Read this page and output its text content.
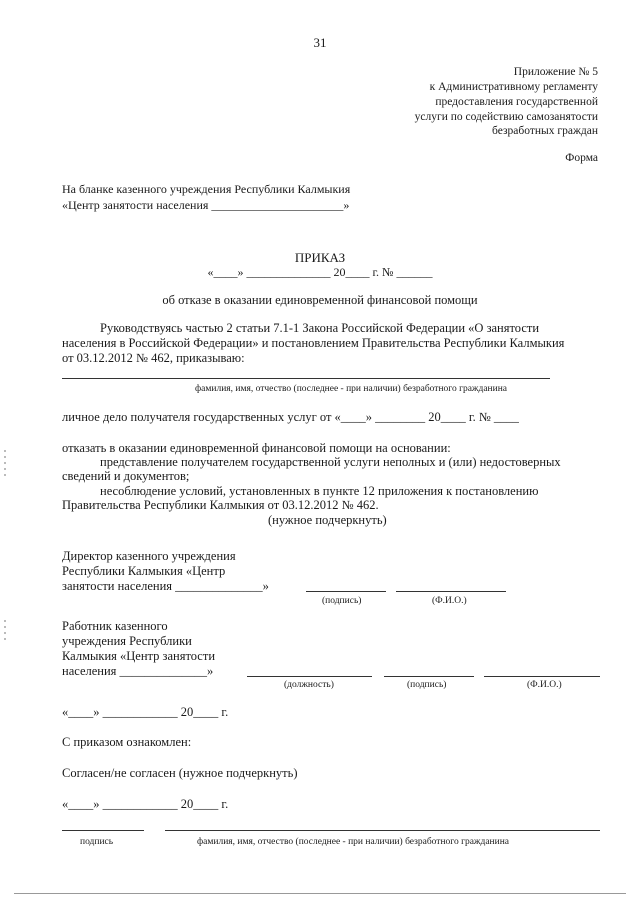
31
Приложение № 5
к Административному регламенту
предоставления государственной
услуги по содействию самозанятости
безработных граждан
Форма
На бланке казенного учреждения Республики Калмыкия
«Центр занятости населения ______________________»
ПРИКАЗ
«____» ______________ 20____ г. № ______
об отказе в оказании единовременной финансовой помощи
Руководствуясь частью 2 статьи 7.1-1 Закона Российской Федерации «О занятости
населения в Российской Федерации» и постановлением Правительства Республики Калмыкия
от 03.12.2012 № 462, приказываю:
фамилия, имя, отчество (последнее - при наличии) безработного гражданина
личное дело получателя государственных услуг от «____» ________ 20____ г. № ____
отказать в оказании единовременной финансовой помощи на основании:
представление получателем государственной услуги неполных и (или) недостоверных
сведений и документов;
несоблюдение условий, установленных в пункте 12 приложения к постановлению
Правительства Республики Калмыкия от 03.12.2012 № 462.
(нужное подчеркнуть)
Директор казенного учреждения
Республики Калмыкия «Центр
занятости населения ______________»
(подпись)	(Ф.И.О.)
Работник казенного
учреждения Республики
Калмыкия «Центр занятости
населения ______________»
(должность)	(подпись)	(Ф.И.О.)
«____» ____________ 20____ г.
С приказом ознакомлен:
Согласен/не согласен (нужное подчеркнуть)
«____» ____________ 20____ г.
подпись	фамилия, имя, отчество (последнее - при наличии) безработного гражданина
